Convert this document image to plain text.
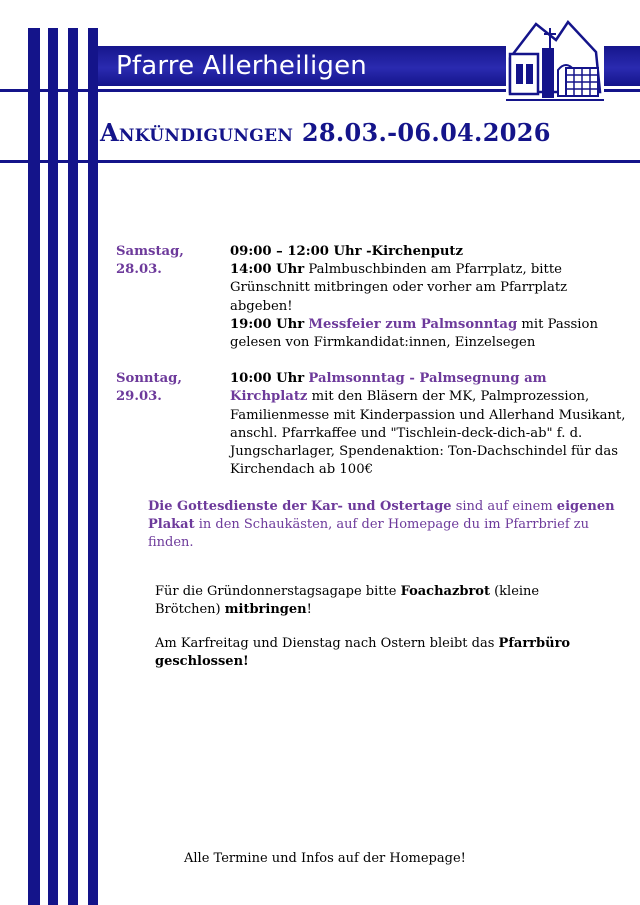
Pfarre Allerheiligen
Ankündigungen 28.03.-06.04.2026
Samstag, 28.03.

09:00 – 12:00 Uhr -Kirchenputz

14:00 Uhr Palmbuschbinden am Pfarrplatz, bitte Grünschnitt mitbringen oder vorher am Pfarrplatz abgeben!

19:00 Uhr Messfeier zum Palmsonntag mit Passion gelesen von Firmkandidat:innen, Einzelsegen

Sonntag, 29.03.

10:00 Uhr Palmsonntag - Palmsegnung am Kirchplatz mit den Bläsern der MK, Palmprozession, Familienmesse mit Kinderpassion und Allerhand Musikant, anschl. Pfarrkaffee und "Tischlein-deck-dich-ab" f. d. Jungscharlager, Spendenaktion: Ton-Dachschindel für das Kirchendach ab 100€

Die Gottesdienste der Kar- und Ostertage sind auf einem eigenen Plakat in den Schaukästen, auf der Homepage du im Pfarrbrief zu finden.

Für die Gründonnerstagsagape bitte Foachazbrot (kleine Brötchen) mitbringen!

Am Karfreitag und Dienstag nach Ostern bleibt das Pfarrbüro geschlossen!

Alle Termine und Infos auf der Homepage!
